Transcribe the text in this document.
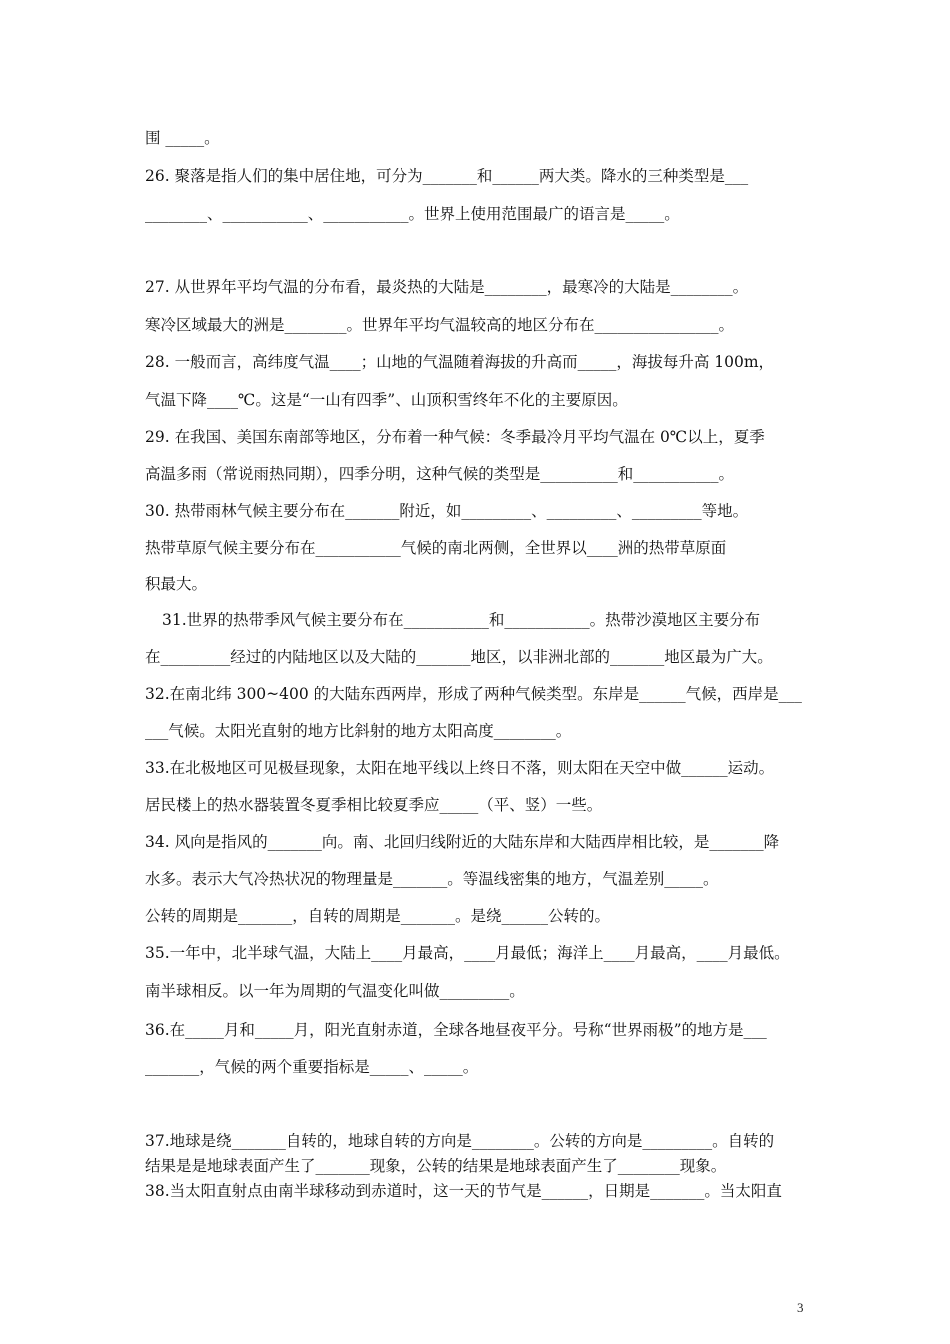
围 _____。
26. 聚落是指人们的集中居住地，可分为_______和______两大类。降水的三种类型是___
________、___________、___________。世界上使用范围最广的语言是_____。
27. 从世界年平均气温的分布看，最炎热的大陆是________，最寒冷的大陆是________。
寒冷区域最大的洲是________。世界年平均气温较高的地区分布在________________。
28. 一般而言，高纬度气温____；山地的气温随着海拔的升高而_____，海拔每升高 100m，
气温下降____℃。这是“一山有四季”、山顶积雪终年不化的主要原因。
29. 在我国、美国东南部等地区，分布着一种气候：冬季最冷月平均气温在 0℃以上，夏季
高温多雨（常说雨热同期），四季分明，这种气候的类型是__________和___________。
30. 热带雨林气候主要分布在_______附近，如_________、_________、_________等地。
热带草原气候主要分布在___________气候的南北两侧，全世界以____洲的热带草原面
积最大。
31.世界的热带季风气候主要分布在___________和___________。热带沙漠地区主要分布
在_________经过的内陆地区以及大陆的_______地区，以非洲北部的_______地区最为广大。
32.在南北纬 300~400 的大陆东西两岸，形成了两种气候类型。东岸是______气候，西岸是___
___气候。太阳光直射的地方比斜射的地方太阳高度________。
33.在北极地区可见极昼现象，太阳在地平线以上终日不落，则太阳在天空中做______运动。
居民楼上的热水器装置冬夏季相比较夏季应_____（平、竖）一些。
34. 风向是指风的_______向。南、北回归线附近的大陆东岸和大陆西岸相比较，是_______降
水多。表示大气冷热状况的物理量是_______。等温线密集的地方，气温差别_____。
公转的周期是_______，自转的周期是_______。是绕______公转的。
35.一年中，北半球气温，大陆上____月最高，____月最低；海洋上____月最高，____月最低。
南半球相反。以一年为周期的气温变化叫做_________。
36.在_____月和_____月，阳光直射赤道，全球各地昼夜平分。号称“世界雨极”的地方是___
_______，气候的两个重要指标是_____、_____。
37.地球是绕_______自转的，地球自转的方向是________。公转的方向是_________。自转的
结果是是地球表面产生了_______现象，公转的结果是地球表面产生了________现象。
38.当太阳直射点由南半球移动到赤道时，这一天的节气是______，日期是_______。当太阳直
3
